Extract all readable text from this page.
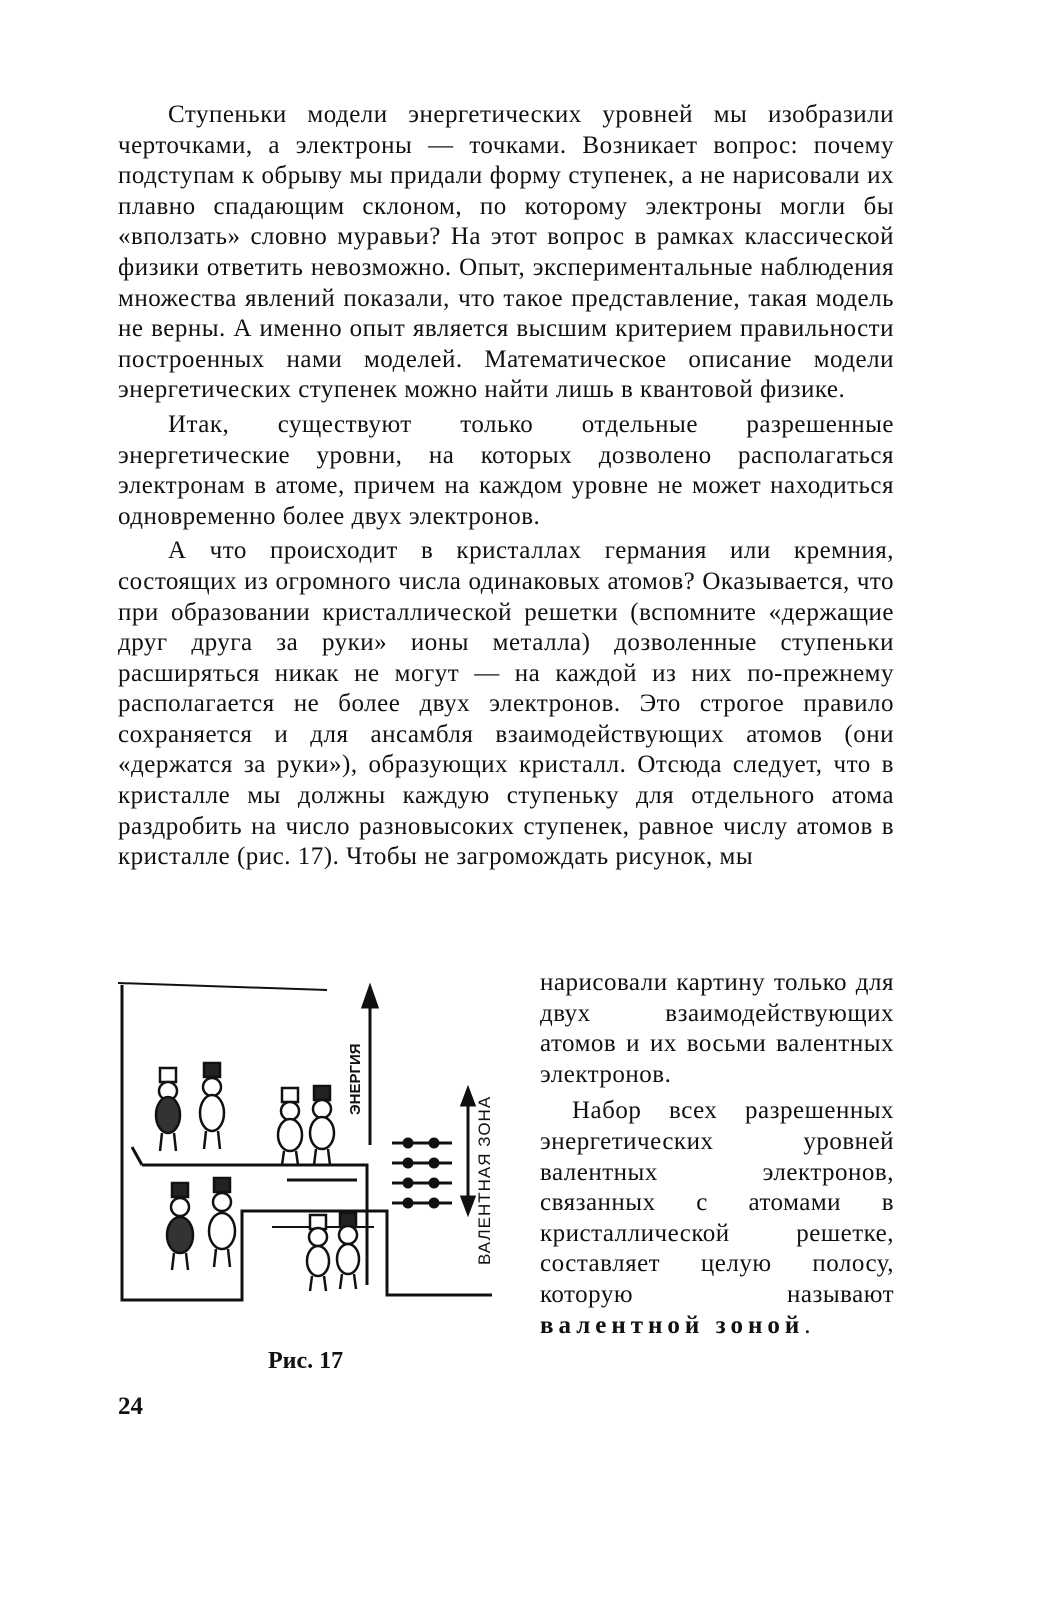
Ступеньки модели энергетических уровней мы изобразили черточками, а электроны — точками. Возникает вопрос: почему подступам к обрыву мы придали форму ступенек, а не нарисовали их плавно спадающим склоном, по которому электроны могли бы «вползать» словно муравьи? На этот вопрос в рамках классической физики ответить невозможно. Опыт, экспериментальные наблюдения множества явлений показали, что такое представление, такая модель не верны. А именно опыт является высшим критерием правильности построенных нами моделей. Математическое описание модели энергетических ступенек можно найти лишь в квантовой физике.

Итак, существуют только отдельные разрешенные энергетические уровни, на которых дозволено располагаться электронам в атоме, причем на каждом уровне не может находиться одновременно более двух электронов.

А что происходит в кристаллах германия или кремния, состоящих из огромного числа одинаковых атомов? Оказывается, что при образовании кристаллической решетки (вспомните «держащие друг друга за руки» ионы металла) дозволенные ступеньки расширяться никак не могут — на каждой из них по-прежнему располагается не более двух электронов. Это строгое правило сохраняется и для ансамбля взаимодействующих атомов (они «держатся за руки»), образующих кристалл. Отсюда следует, что в кристалле мы должны каждую ступеньку для отдельного атома раздробить на число разновысоких ступенек, равное числу атомов в кристалле (рис. 17). Чтобы не загромождать рисунок, мы

нарисовали картину только для двух взаимодействующих атомов и их восьми валентных электронов.

Набор всех разрешенных энергетических уровней валентных электронов, связанных с атомами в кристаллической решетке, составляет целую полосу, которую называют валентной зоной.

ЭНЕРГИЯ
ВАЛЕНТНАЯ ЗОНА
Рис. 17
24
